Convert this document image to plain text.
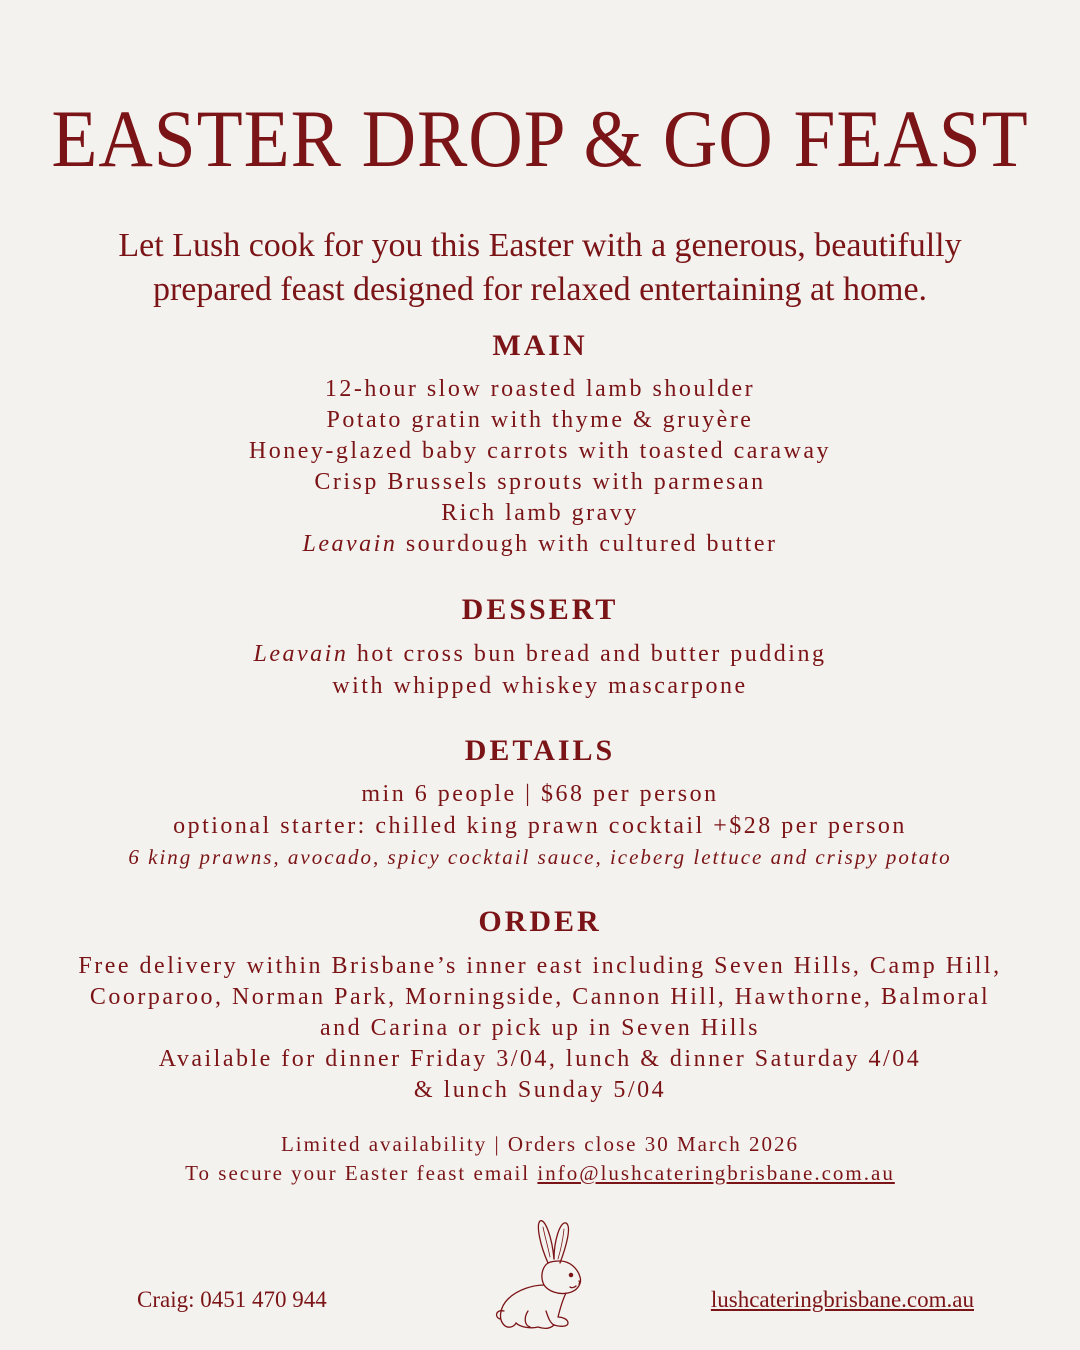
EASTER DROP & GO FEAST

Let Lush cook for you this Easter with a generous, beautifully
prepared feast designed for relaxed entertaining at home.

MAIN
12-hour slow roasted lamb shoulder
Potato gratin with thyme & gruyère
Honey-glazed baby carrots with toasted caraway
Crisp Brussels sprouts with parmesan
Rich lamb gravy
Leavain sourdough with cultured butter
DESSERT
Leavain hot cross bun bread and butter pudding
with whipped whiskey mascarpone
DETAILS
min 6 people | $68 per person
optional starter: chilled king prawn cocktail +$28 per person
6 king prawns, avocado, spicy cocktail sauce, iceberg lettuce and crispy potato
ORDER
Free delivery within Brisbane’s inner east including Seven Hills, Camp Hill,
Coorparoo, Norman Park, Morningside, Cannon Hill, Hawthorne, Balmoral
and Carina or pick up in Seven Hills
Available for dinner Friday 3/04, lunch & dinner Saturday 4/04
& lunch Sunday 5/04
Limited availability | Orders close 30 March 2026
To secure your Easter feast email info@lushcateringbrisbane.com.au
Craig: 0451 470 944	lushcateringbrisbane.com.au
